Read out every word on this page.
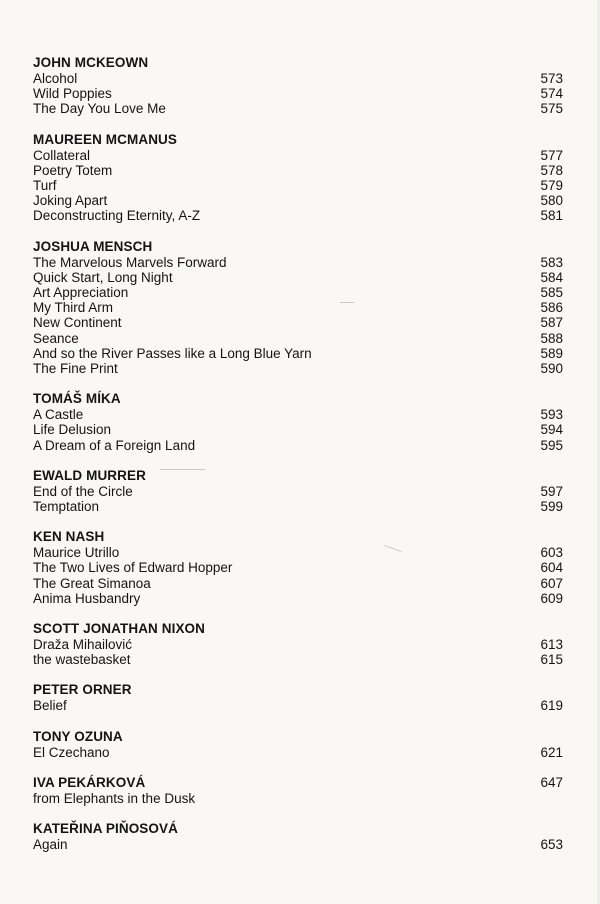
JOHN MCKEOWN
Alcohol	573
Wild Poppies	574
The Day You Love Me	575
MAUREEN MCMANUS
Collateral	577
Poetry Totem	578
Turf	579
Joking Apart	580
Deconstructing Eternity, A-Z	581
JOSHUA MENSCH
The Marvelous Marvels Forward	583
Quick Start, Long Night	584
Art Appreciation	585
My Third Arm	586
New Continent	587
Seance	588
And so the River Passes like a Long Blue Yarn	589
The Fine Print	590
TOMÁŠ MÍKA
A Castle	593
Life Delusion	594
A Dream of a Foreign Land	595
EWALD MURRER
End of the Circle	597
Temptation	599
KEN NASH
Maurice Utrillo	603
The Two Lives of Edward Hopper	604
The Great Simanoa	607
Anima Husbandry	609
SCOTT JONATHAN NIXON
Draža Mihailović	613
the wastebasket	615
PETER ORNER
Belief	619
TONY OZUNA
El Czechano	621
IVA PEKÁRKOVÁ	647
from Elephants in the Dusk
KATEŘINA PIŇOSOVÁ
Again	653
